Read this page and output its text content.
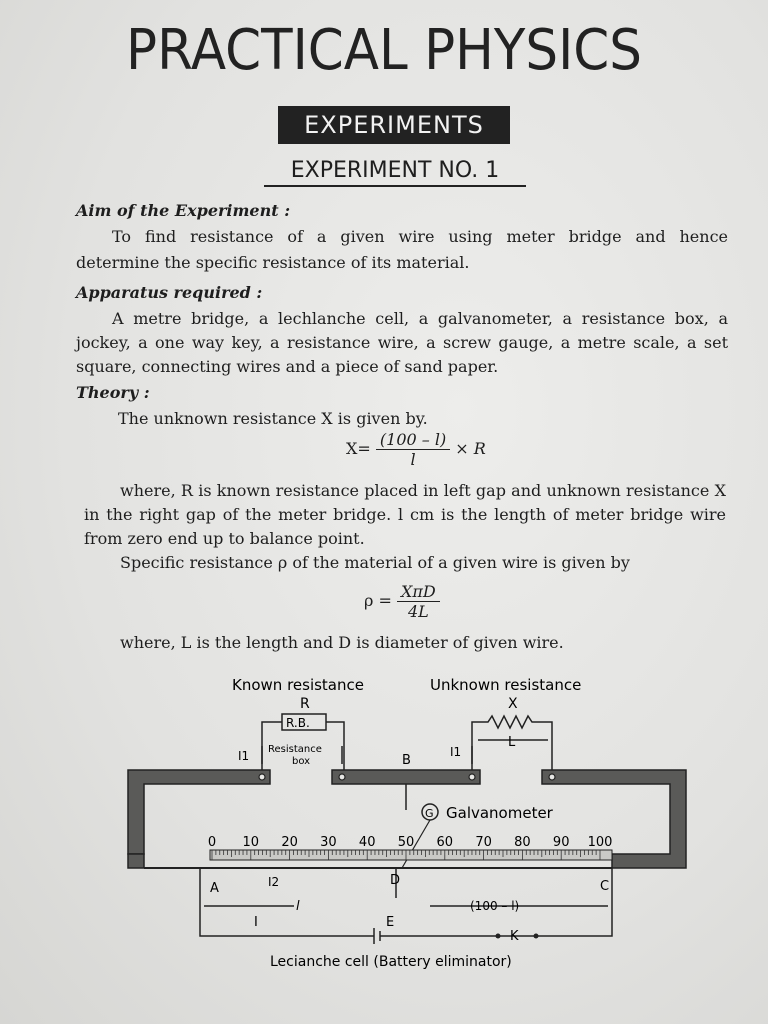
PRACTICAL PHYSICS
EXPERIMENTS
EXPERIMENT NO. 1
Aim of the Experiment :
To find resistance of a given wire using meter bridge and hence
determine the specific resistance of its material.
Apparatus required :
A metre bridge, a lechlanche cell, a galvanometer, a resistance box, a
jockey, a one way key, a resistance wire, a screw gauge, a metre scale, a set
square, connecting wires and a piece of sand paper.
Theory :
The unknown resistance X is given by.
$X= \frac{(100 - l)}{l} \times R$
where, R is known resistance placed in left gap and unknown resistance X
in the right gap of the meter bridge. l cm is the length of meter bridge wire
from zero end up to balance point.
Specific resistance ρ of the material of a given wire is given by
$\rho = \frac{\text{XπD}}{4L}$
where, L is the length and D is diameter of given wire.
Known resistance	Unknown resistance
R	X
R.B.
Resistance
box
I1	I1
L
B
G Galvanometer
0 10 20 30 40 50 60 70 80 90 100
A	I2	D	C
l	(100 – l)
I	E
K
Lecianche cell (Battery eliminator)
